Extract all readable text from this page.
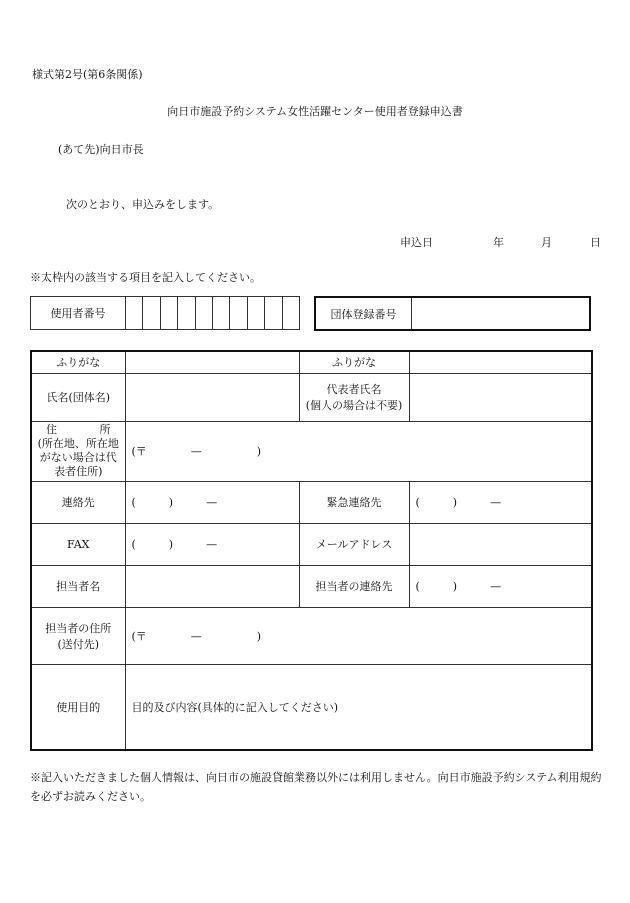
様式第2号(第6条関係)
向日市施設予約システム女性活躍センター使用者登録申込書
(あて先)向日市長
次のとおり、申込みをします。
申込日	年	月	日
※太枠内の該当する項目を記入してください。
使用者番号	団体登録番号
ふりがな		ふりがな	
氏名(団体名)		代表者氏名
(個人の場合は不要)	

住 所
(所在地、所在地
がない場合は代
表者住所)	(〒　　　　—　　　　　)		
連絡先	(　　　)　　　—	緊急連絡先	(　　　)　　　—
FAX	(　　　)　　　—	メールアドレス	
担当者名		担当者の連絡先	(　　　)　　　—

担当者の住所
(送付先)	(〒　　　　—　　　　　)		
使用目的	目的及び内容(具体的に記入してください)		
※記入いただきました個人情報は、向日市の施設貸館業務以外には利用しません。向日市施設予約システム利用規約を必ずお読みください。
